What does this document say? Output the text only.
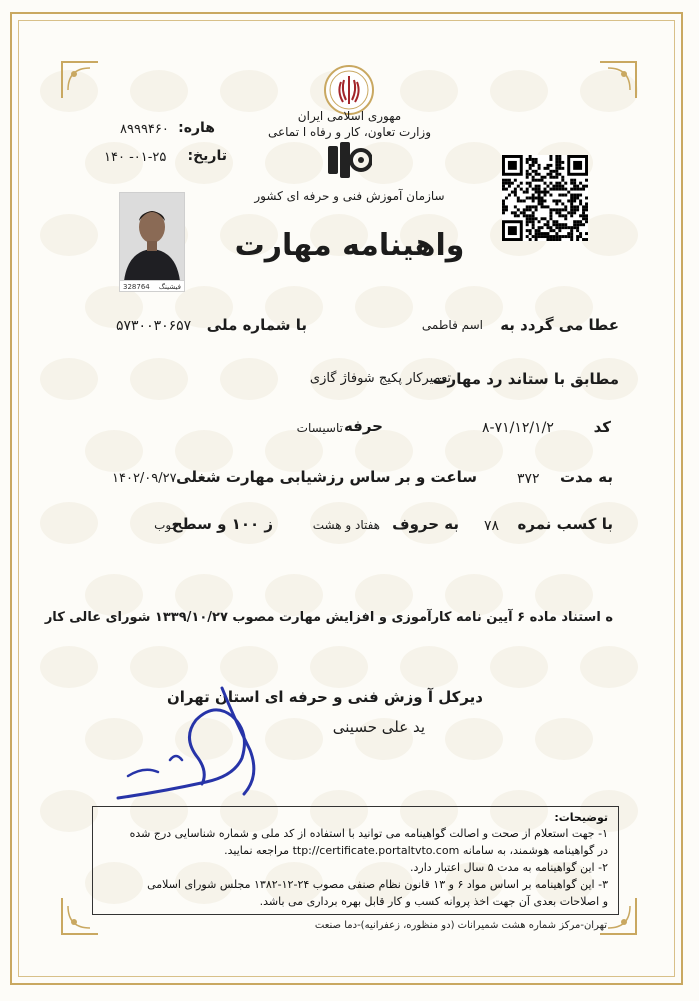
هاره:
۸۹۹۹۴۶۰
تاریخ:
۱۴۰ -۰۱-۲۵
مهوری اسلامی ایران
وزارت تعاون، کار و رفاه ا تماعی
سازمان آموزش فنی و حرفه ای کشور
واهینامه مهارت
328764 فیشینگ
عطا می گردد به
اسم فاطمی
با شماره ملی
۵۷۳۰۰۳۰۶۵۷
مطابق با ستاند رد مهارت
تعمیرکار پکیج شوفاژ گازی
کد
۸-۷۱/۱۲/۱/۲
حرفه
تاسیسات
به مدت
۳۷۲
ساعت و بر ساس رزشیابی مهارت شغلی
۱۴۰۲/۰۹/۲۷
با کسب نمره
۷۸
به حروف
هفتاد و هشت
ز ۱۰۰ و سطح
خوب
ه استناد ماده ۶ آیین نامه کارآموزی و افزایش مهارت مصوب ۱۳۳۹/۱۰/۲۷ شورای عالی کار
دیرکل آ وزش فنی و حرفه ای استان تهران
ید علی حسینی
توضیحات:
۱- جهت استعلام از صحت و اصالت گواهینامه می توانید با استفاده از کد ملی و شماره شناسایی درج شده
در گواهینامه هوشمند، به سامانه ttp://certificate.portaltvto.com مراجعه نمایید.
۲- این گواهینامه به مدت ۵ سال اعتبار دارد.
۳- این گواهینامه بر اساس مواد ۶ و ۱۳ قانون نظام صنفی مصوب ۲۴-۱۲-۱۳۸۲ مجلس شورای اسلامی
و اصلاحات بعدی آن جهت اخذ پروانه کسب و کار قابل بهره برداری می باشد.
تهران-مرکز شماره هشت شمیرانات (دو منظوره، زعفرانیه)-دما صنعت
